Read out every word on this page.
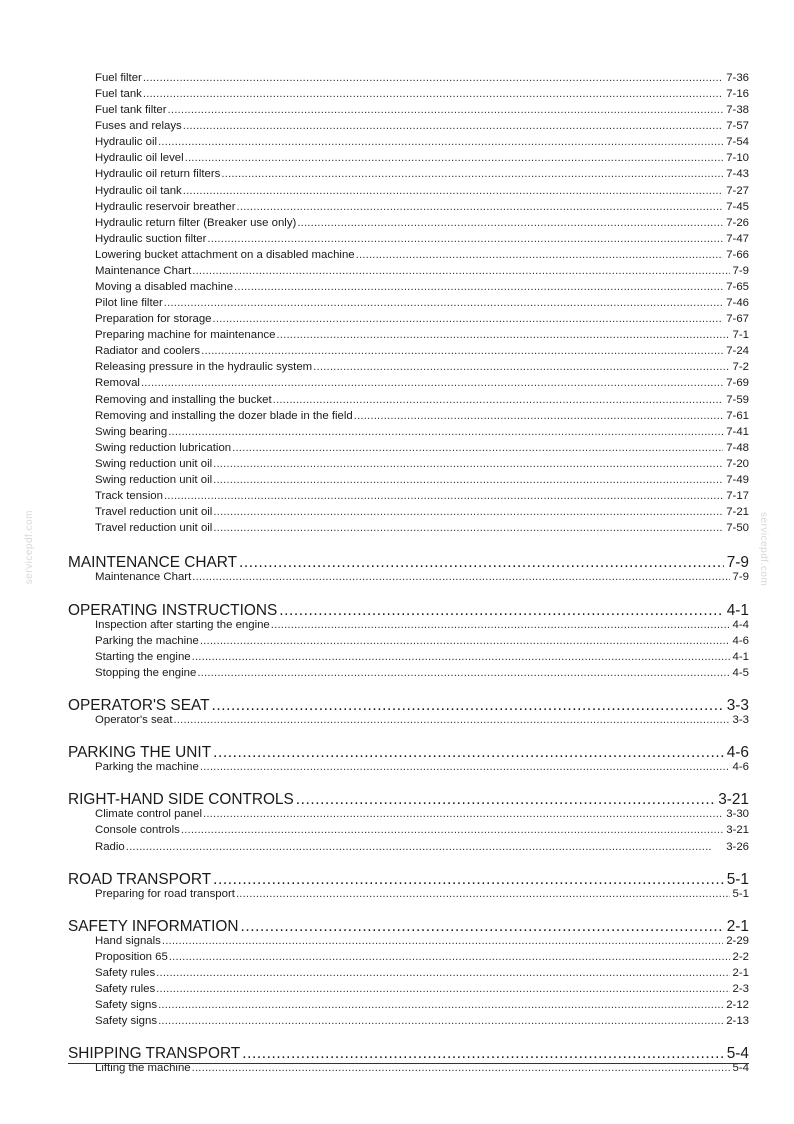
servicepdf.com	servicepdf.com
Fuel filter . . .	7-36
Fuel tank . . .	7-16
Fuel tank filter . . .	7-38
Fuses and relays . . .	7-57
Hydraulic oil . . .	7-54
Hydraulic oil level . . .	7-10
Hydraulic oil return filters . . .	7-43
Hydraulic oil tank . . .	7-27
Hydraulic reservoir breather . . .	7-45
Hydraulic return filter (Breaker use only) . . .	7-26
Hydraulic suction filter . . .	7-47
Lowering bucket attachment on a disabled machine . . .	7-66
Maintenance Chart . . .	7-9
Moving a disabled machine . . .	7-65
Pilot line filter . . .	7-46
Preparation for storage . . .	7-67
Preparing machine for maintenance . . .	7-1
Radiator and coolers . . .	7-24
Releasing pressure in the hydraulic system . . .	7-2
Removal . . .	7-69
Removing and installing the bucket . . .	7-59
Removing and installing the dozer blade in the field . . .	7-61
Swing bearing . . .	7-41
Swing reduction lubrication . . .	7-48
Swing reduction unit oil . . .	7-20
Swing reduction unit oil . . .	7-49
Track tension . . .	7-17
Travel reduction unit oil . . .	7-21
Travel reduction unit oil . . .	7-50
MAINTENANCE CHART .....	7-9
Maintenance Chart . . .	7-9
OPERATING INSTRUCTIONS .....	4-1
Inspection after starting the engine . . .	4-4
Parking the machine . . .	4-6
Starting the engine . . .	4-1
Stopping the engine . . .	4-5
OPERATOR'S SEAT .....	3-3
Operator's seat . . .	3-3
PARKING THE UNIT .....	4-6
Parking the machine . . .	4-6
RIGHT-HAND SIDE CONTROLS .....	3-21
Climate control panel . . .	3-30
Console controls . . .	3-21
Radio . . .	3-26
ROAD TRANSPORT .....	5-1
Preparing for road transport . . .	5-1
SAFETY INFORMATION .....	2-1
Hand signals . . .	2-29
Proposition 65 . . .	2-2
Safety rules . . .	2-1
Safety rules . . .	2-3
Safety signs . . .	2-12
Safety signs . . .	2-13
SHIPPING TRANSPORT .....	5-4
Lifting the machine . . .	5-4
